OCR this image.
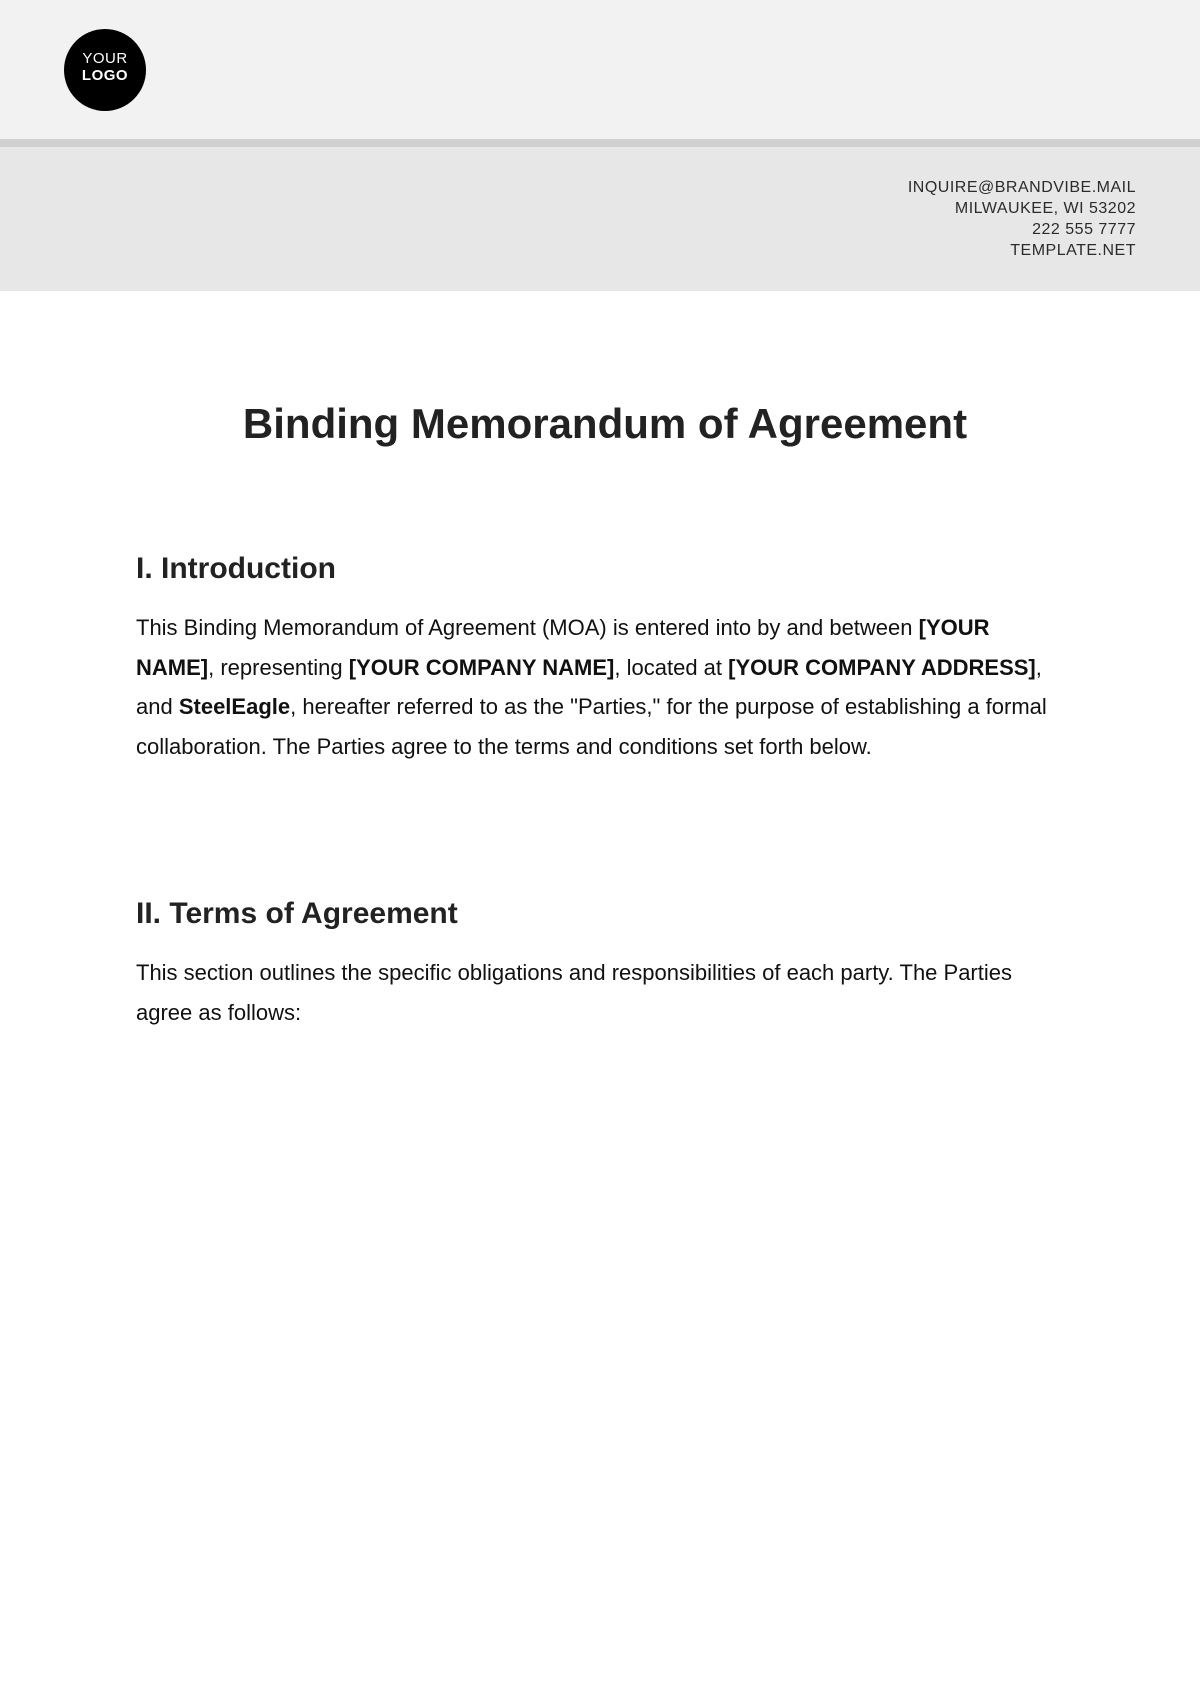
YOUR
LOGO
INQUIRE@BRANDVIBE.MAIL
MILWAUKEE, WI 53202
222 555 7777
TEMPLATE.NET
Binding Memorandum of Agreement
I. Introduction

This Binding Memorandum of Agreement (MOA) is entered into by and between [YOUR NAME], representing [YOUR COMPANY NAME], located at [YOUR COMPANY ADDRESS], and SteelEagle, hereafter referred to as the "Parties," for the purpose of establishing a formal collaboration. The Parties agree to the terms and conditions set forth below.

II. Terms of Agreement

This section outlines the specific obligations and responsibilities of each party. The Parties agree as follows:
